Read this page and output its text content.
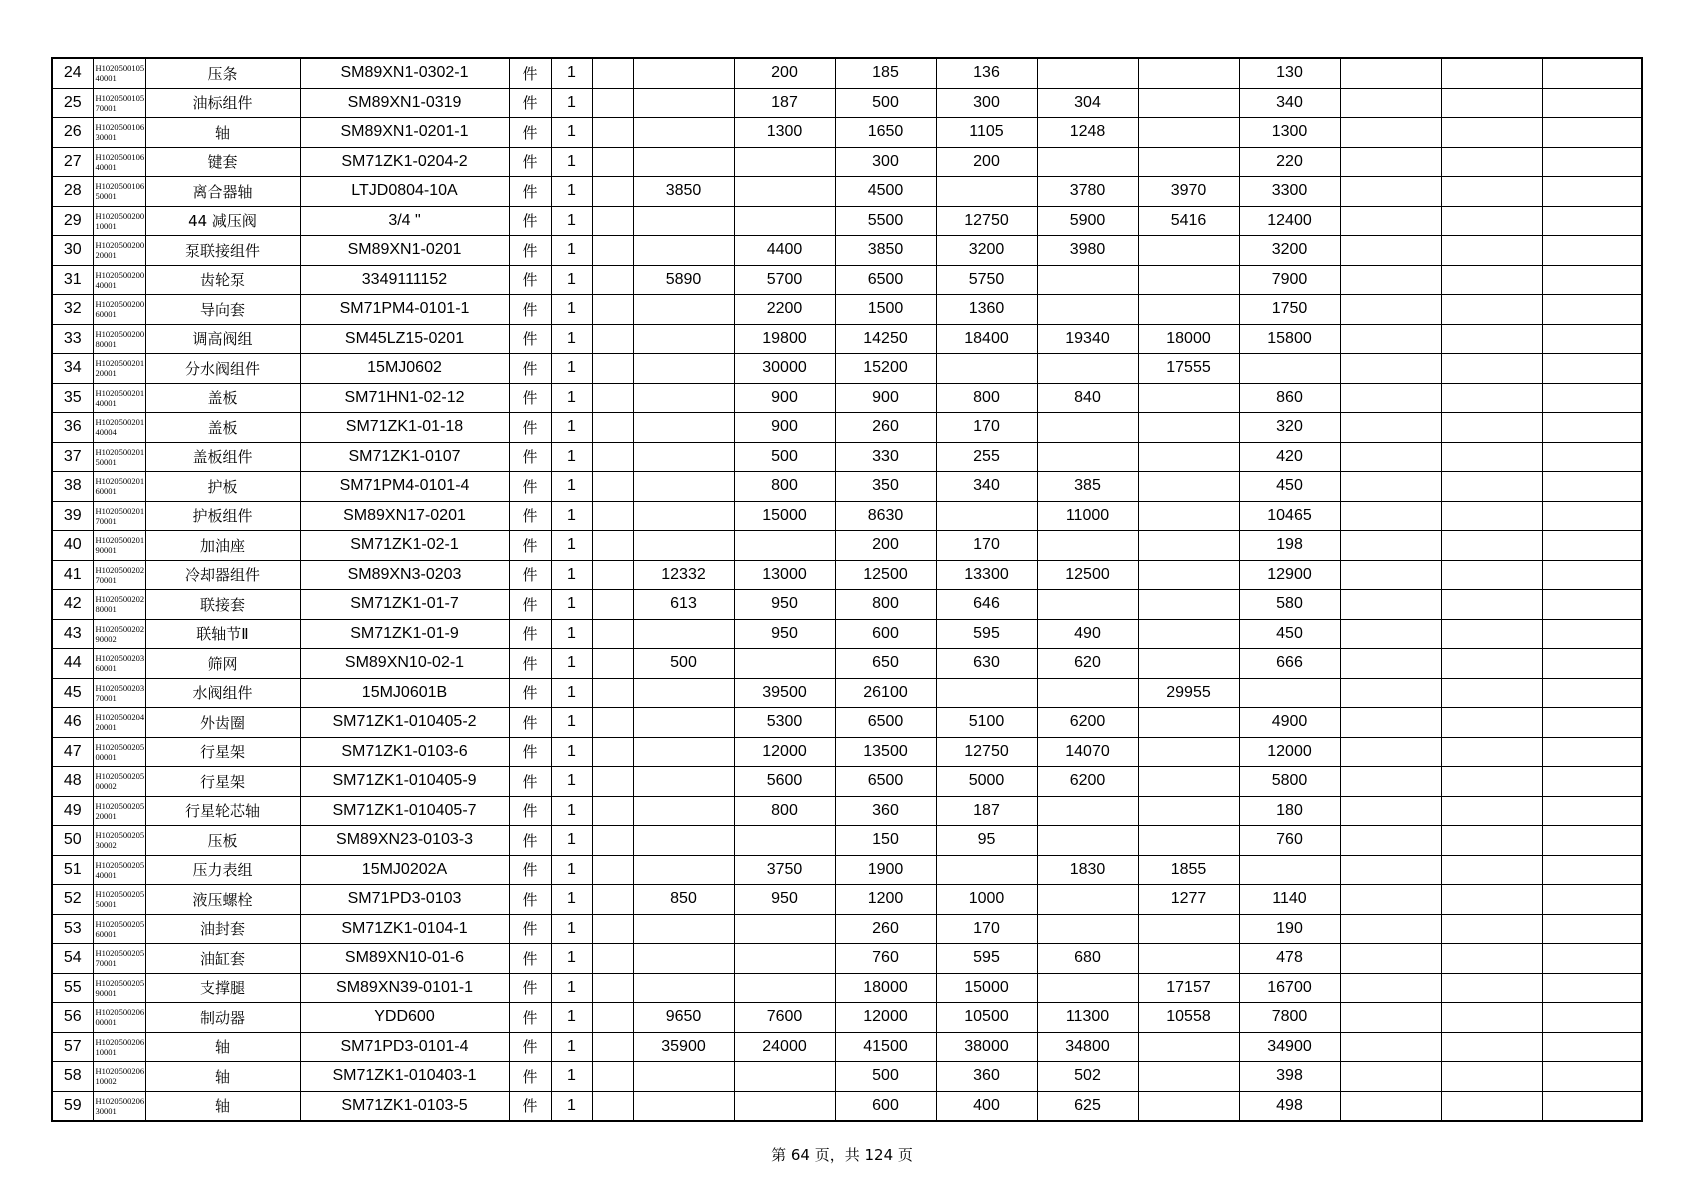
24	H102050010540001	压条	SM89XN1-0302-1	件	1			200	185	136			130			
25	H102050010570001	油标组件	SM89XN1-0319	件	1			187	500	300	304		340			
26	H102050010630001	轴	SM89XN1-0201-1	件	1			1300	1650	1105	1248		1300			
27	H102050010640001	键套	SM71ZK1-0204-2	件	1				300	200			220			
28	H102050010650001	离合器轴	LTJD0804-10A	件	1		3850		4500		3780	3970	3300			
29	H102050020010001	44 减压阀	3/4 "	件	1				5500	12750	5900	5416	12400			
30	H102050020020001	泵联接组件	SM89XN1-0201	件	1			4400	3850	3200	3980		3200			
31	H102050020040001	齿轮泵	3349111152	件	1		5890	5700	6500	5750			7900			
32	H102050020060001	导向套	SM71PM4-0101-1	件	1			2200	1500	1360			1750			
33	H102050020080001	调高阀组	SM45LZ15-0201	件	1			19800	14250	18400	19340	18000	15800			
34	H102050020120001	分水阀组件	15MJ0602	件	1			30000	15200			17555				
35	H102050020140001	盖板	SM71HN1-02-12	件	1			900	900	800	840		860			
36	H102050020140004	盖板	SM71ZK1-01-18	件	1			900	260	170			320			
37	H102050020150001	盖板组件	SM71ZK1-0107	件	1			500	330	255			420			
38	H102050020160001	护板	SM71PM4-0101-4	件	1			800	350	340	385		450			
39	H102050020170001	护板组件	SM89XN17-0201	件	1			15000	8630		11000		10465			
40	H102050020190001	加油座	SM71ZK1-02-1	件	1				200	170			198			
41	H102050020270001	冷却器组件	SM89XN3-0203	件	1		12332	13000	12500	13300	12500		12900			
42	H102050020280001	联接套	SM71ZK1-01-7	件	1		613	950	800	646			580			
43	H102050020290002	联轴节Ⅱ	SM71ZK1-01-9	件	1			950	600	595	490		450			
44	H102050020360001	筛网	SM89XN10-02-1	件	1		500		650	630	620		666			
45	H102050020370001	水阀组件	15MJ0601B	件	1			39500	26100			29955				
46	H102050020420001	外齿圈	SM71ZK1-010405-2	件	1			5300	6500	5100	6200		4900			
47	H102050020500001	行星架	SM71ZK1-0103-6	件	1			12000	13500	12750	14070		12000			
48	H102050020500002	行星架	SM71ZK1-010405-9	件	1			5600	6500	5000	6200		5800			
49	H102050020520001	行星轮芯轴	SM71ZK1-010405-7	件	1			800	360	187			180			
50	H102050020530002	压板	SM89XN23-0103-3	件	1				150	95			760			
51	H102050020540001	压力表组	15MJ0202A	件	1			3750	1900		1830	1855				
52	H102050020550001	液压螺栓	SM71PD3-0103	件	1		850	950	1200	1000		1277	1140			
53	H102050020560001	油封套	SM71ZK1-0104-1	件	1				260	170			190			
54	H102050020570001	油缸套	SM89XN10-01-6	件	1				760	595	680		478			
55	H102050020590001	支撑腿	SM89XN39-0101-1	件	1				18000	15000		17157	16700			
56	H102050020600001	制动器	YDD600	件	1		9650	7600	12000	10500	11300	10558	7800			
57	H102050020610001	轴	SM71PD3-0101-4	件	1		35900	24000	41500	38000	34800		34900			
58	H102050020610002	轴	SM71ZK1-010403-1	件	1				500	360	502		398			
59	H102050020630001	轴	SM71ZK1-0103-5	件	1				600	400	625		498			
第 64 页，共 124 页
